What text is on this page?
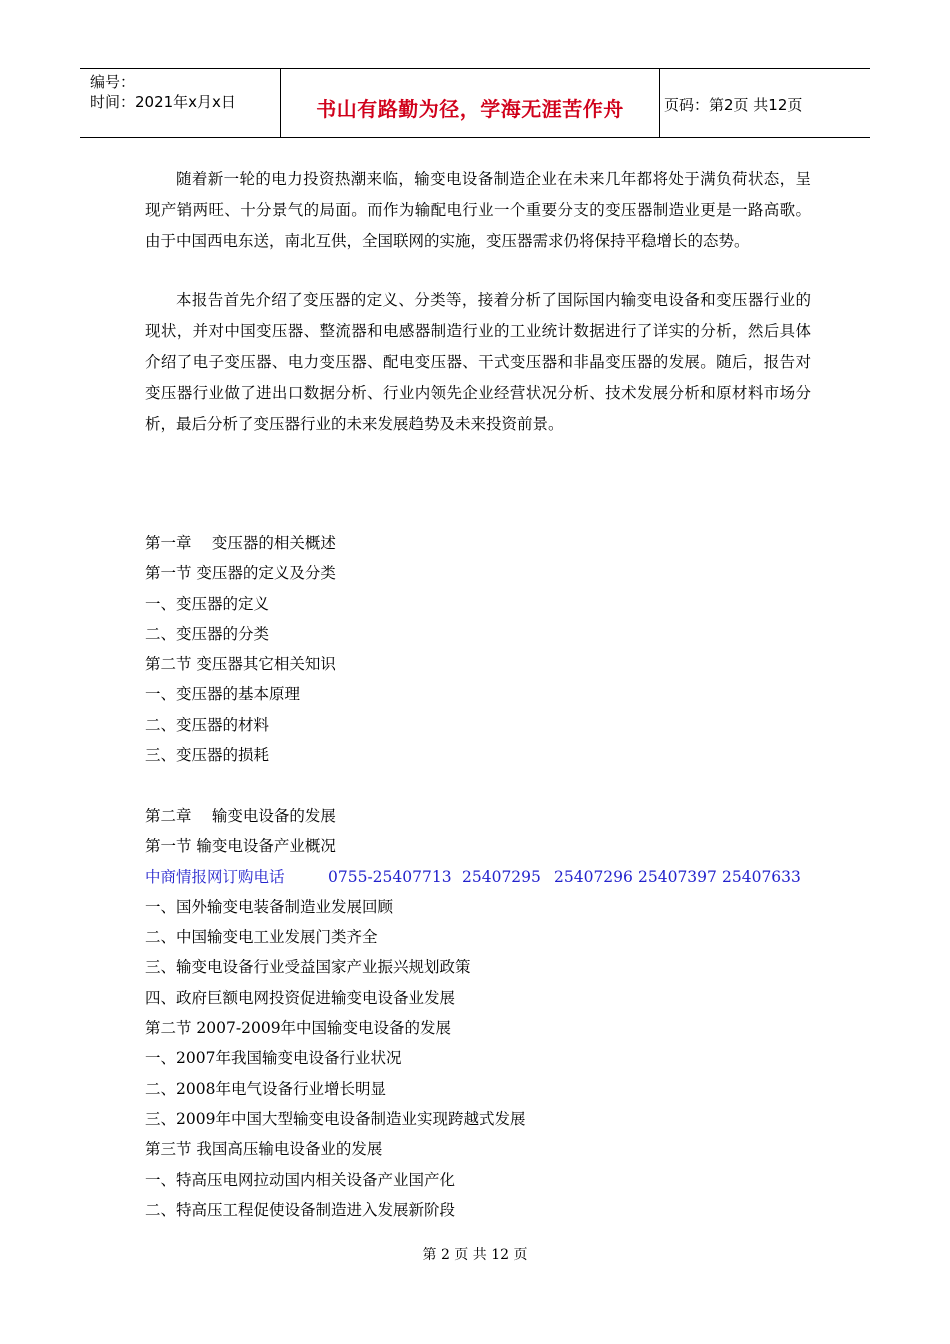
编号：
时间：2021年x月x日	书山有路勤为径，学海无涯苦作舟	页码：第2页 共12页

随着新一轮的电力投资热潮来临，输变电设备制造企业在未来几年都将处于满负荷状态，呈现产销两旺、十分景气的局面。而作为输配电行业一个重要分支的变压器制造业更是一路高歌。由于中国西电东送，南北互供，全国联网的实施，变压器需求仍将保持平稳增长的态势。

本报告首先介绍了变压器的定义、分类等，接着分析了国际国内输变电设备和变压器行业的现状，并对中国变压器、整流器和电感器制造行业的工业统计数据进行了详实的分析，然后具体介绍了电子变压器、电力变压器、配电变压器、干式变压器和非晶变压器的发展。随后，报告对变压器行业做了进出口数据分析、行业内领先企业经营状况分析、技术发展分析和原材料市场分析，最后分析了变压器行业的未来发展趋势及未来投资前景。

第一章　 变压器的相关概述
第一节 变压器的定义及分类
一、变压器的定义
二、变压器的分类
第二节 变压器其它相关知识
一、变压器的基本原理
二、变压器的材料
三、变压器的损耗
第二章　 输变电设备的发展
第一节 输变电设备产业概况
中商情报网订购电话	0755-25407713 25407295 25407296 25407397 25407633
一、国外输变电装备制造业发展回顾
二、中国输变电工业发展门类齐全
三、输变电设备行业受益国家产业振兴规划政策
四、政府巨额电网投资促进输变电设备业发展
第二节 2007-2009年中国输变电设备的发展
一、2007年我国输变电设备行业状况
二、2008年电气设备行业增长明显
三、2009年中国大型输变电设备制造业实现跨越式发展
第三节 我国高压输电设备业的发展
一、特高压电网拉动国内相关设备产业国产化
二、特高压工程促使设备制造进入发展新阶段
第 2 页 共 12 页
